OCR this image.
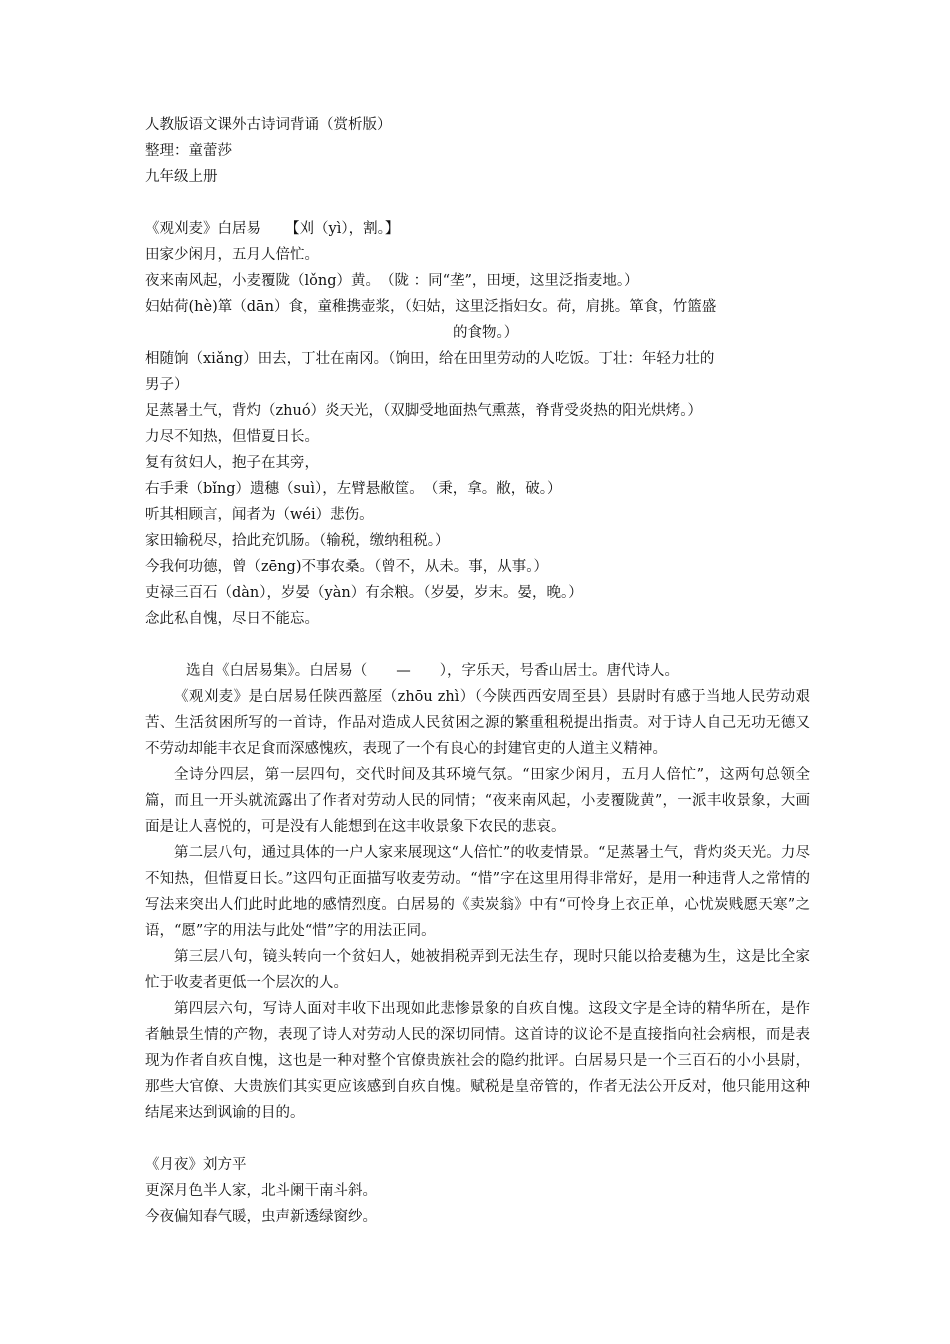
人教版语文课外古诗词背诵（赏析版）
整理：童蕾莎
九年级上册
《观刈麦》白居易 【刈（yì），割。】
田家少闲月，五月人倍忙。
夜来南风起，小麦覆陇（lǒng）黄。　（陇 ：同“垄”，田埂，这里泛指麦地。）
妇姑荷(hè)箪（dān）食，童稚携壶浆，（妇姑，这里泛指妇女。荷，肩挑。箪食，竹篮盛
的食物。）
相随饷（xiǎng）田去，丁壮在南冈。（饷田，给在田里劳动的人吃饭。丁壮：年轻力壮的
男子）
足蒸暑土气，背灼（zhuó）炎天光，（双脚受地面热气熏蒸，脊背受炎热的阳光烘烤。）
力尽不知热，但惜夏日长。
复有贫妇人，抱子在其旁，
右手秉（bǐng）遗穗（suì），左臂悬敝筐。　（秉，拿。敝，破。）
听其相顾言，闻者为（wéi）悲伤。
家田输税尽，拾此充饥肠。（输税，缴纳租税。）
今我何功德，曾（zēng)不事农桑。（曾不，从未。事，从事。）
吏禄三百石（dàn），岁晏（yàn）有余粮。（岁晏，岁末。晏，晚。）
念此私自愧，尽日不能忘。

选自《白居易集》。白居易（　　—　　），字乐天，号香山居士。唐代诗人。

《观刈麦》是白居易任陕西盩厔（zhōu zhì）（今陕西西安周至县）县尉时有感于当地人民劳动艰苦、生活贫困所写的一首诗，作品对造成人民贫困之源的繁重租税提出指责。对于诗人自己无功无德又不劳动却能丰衣足食而深感愧疚，表现了一个有良心的封建官吏的人道主义精神。

全诗分四层，第一层四句，交代时间及其环境气氛。“田家少闲月，五月人倍忙”，这两句总领全篇，而且一开头就流露出了作者对劳动人民的同情；“夜来南风起，小麦覆陇黄”，一派丰收景象，大画面是让人喜悦的，可是没有人能想到在这丰收景象下农民的悲哀。

第二层八句，通过具体的一户人家来展现这“人倍忙”的收麦情景。“足蒸暑土气，背灼炎天光。力尽不知热，但惜夏日长。”这四句正面描写收麦劳动。“惜”字在这里用得非常好，是用一种违背人之常情的写法来突出人们此时此地的感情烈度。白居易的《卖炭翁》中有“可怜身上衣正单，心忧炭贱愿天寒”之语，“愿”字的用法与此处“惜”字的用法正同。

第三层八句，镜头转向一个贫妇人，她被捐税弄到无法生存，现时只能以拾麦穗为生，这是比全家忙于收麦者更低一个层次的人。

第四层六句，写诗人面对丰收下出现如此悲惨景象的自疚自愧。这段文字是全诗的精华所在，是作者触景生情的产物，表现了诗人对劳动人民的深切同情。这首诗的议论不是直接指向社会病根，而是表现为作者自疚自愧，这也是一种对整个官僚贵族社会的隐约批评。白居易只是一个三百石的小小县尉，那些大官僚、大贵族们其实更应该感到自疚自愧。赋税是皇帝管的，作者无法公开反对，他只能用这种结尾来达到讽谕的目的。

《月夜》刘方平
更深月色半人家，北斗阑干南斗斜。
今夜偏知春气暖，虫声新透绿窗纱。
